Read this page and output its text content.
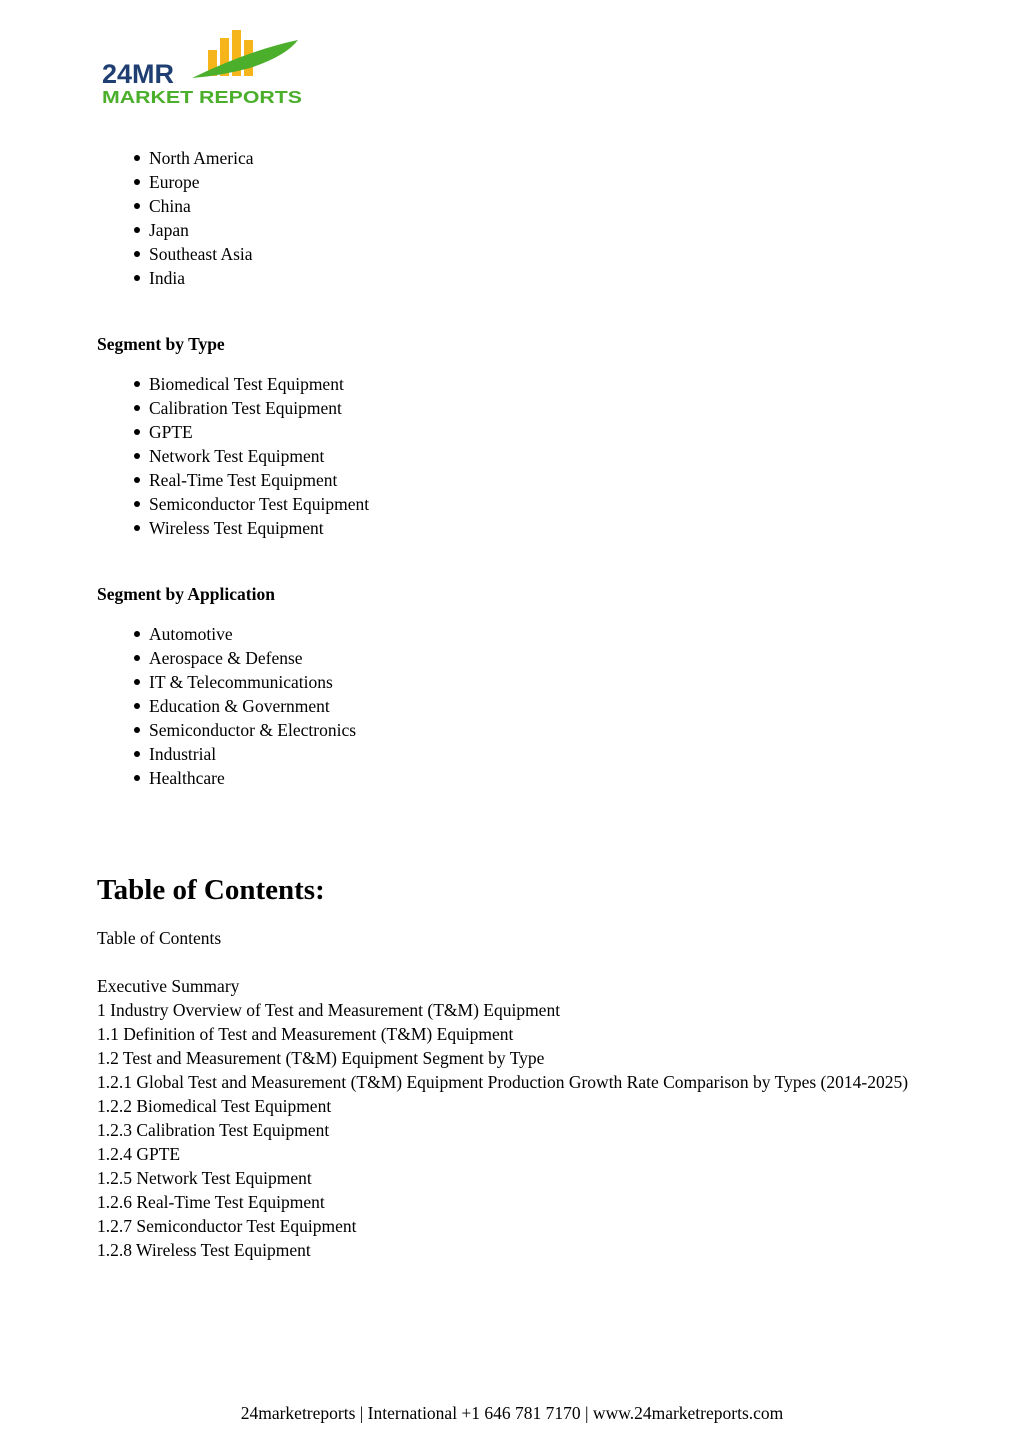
24MR
MARKET REPORTS
North America
Europe
China
Japan
Southeast Asia
India

Segment by Type

Biomedical Test Equipment
Calibration Test Equipment
GPTE
Network Test Equipment
Real-Time Test Equipment
Semiconductor Test Equipment
Wireless Test Equipment

Segment by Application

Automotive
Aerospace & Defense
IT & Telecommunications
Education & Government
Semiconductor & Electronics
Industrial
Healthcare
Table of Contents:
Table of Contents
Executive Summary
1 Industry Overview of Test and Measurement (T&M) Equipment
1.1 Definition of Test and Measurement (T&M) Equipment
1.2 Test and Measurement (T&M) Equipment Segment by Type
1.2.1 Global Test and Measurement (T&M) Equipment Production Growth Rate Comparison by Types (2014-2025)
1.2.2 Biomedical Test Equipment
1.2.3 Calibration Test Equipment
1.2.4 GPTE
1.2.5 Network Test Equipment
1.2.6 Real-Time Test Equipment
1.2.7 Semiconductor Test Equipment
1.2.8 Wireless Test Equipment
24marketreports | International +1 646 781 7170 | www.24marketreports.com
